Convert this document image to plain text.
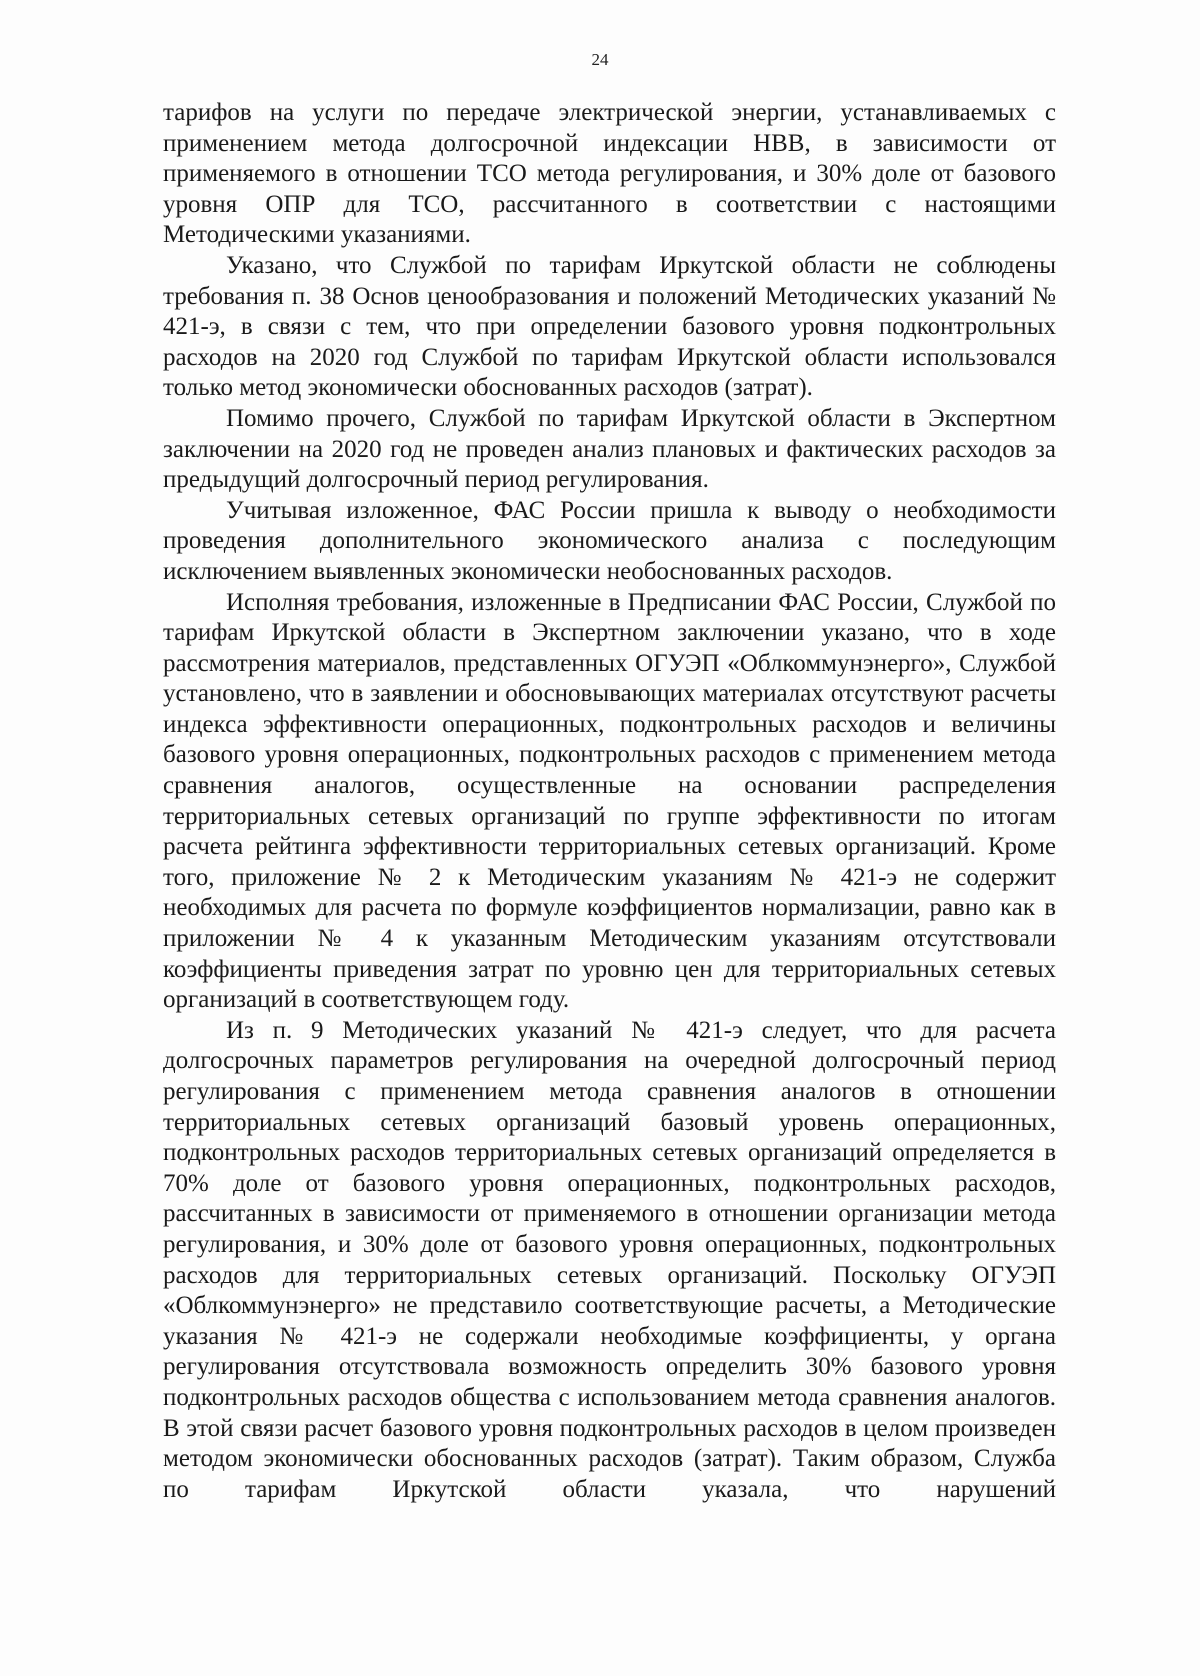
24

тарифов на услуги по передаче электрической энергии, устанавливаемых с применением метода долгосрочной индексации НВВ, в зависимости от применяемого в отношении ТСО метода регулирования, и 30% доле от базового уровня ОПР для ТСО, рассчитанного в соответствии с настоящими Методическими указаниями.

Указано, что Службой по тарифам Иркутской области не соблюдены требования п. 38 Основ ценообразования и положений Методических указаний № 421-э, в связи с тем, что при определении базового уровня подконтрольных расходов на 2020 год Службой по тарифам Иркутской области использовался только метод экономически обоснованных расходов (затрат).

Помимо прочего, Службой по тарифам Иркутской области в Экспертном заключении на 2020 год не проведен анализ плановых и фактических расходов за предыдущий долгосрочный период регулирования.

Учитывая изложенное, ФАС России пришла к выводу о необходимости проведения дополнительного экономического анализа с последующим исключением выявленных экономически необоснованных расходов.

Исполняя требования, изложенные в Предписании ФАС России, Службой по тарифам Иркутской области в Экспертном заключении указано, что в ходе рассмотрения материалов, представленных ОГУЭП «Облкоммунэнерго», Службой установлено, что в заявлении и обосновывающих материалах отсутствуют расчеты индекса эффективности операционных, подконтрольных расходов и величины базового уровня операционных, подконтрольных расходов с применением метода сравнения аналогов, осуществленные на основании распределения территориальных сетевых организаций по группе эффективности по итогам расчета рейтинга эффективности территориальных сетевых организаций. Кроме того, приложение № 2 к Методическим указаниям № 421-э не содержит необходимых для расчета по формуле коэффициентов нормализации, равно как в приложении № 4 к указанным Методическим указаниям отсутствовали коэффициенты приведения затрат по уровню цен для территориальных сетевых организаций в соответствующем году.

Из п. 9 Методических указаний № 421-э следует, что для расчета долгосрочных параметров регулирования на очередной долгосрочный период регулирования с применением метода сравнения аналогов в отношении территориальных сетевых организаций базовый уровень операционных, подконтрольных расходов территориальных сетевых организаций определяется в 70% доле от базового уровня операционных, подконтрольных расходов, рассчитанных в зависимости от применяемого в отношении организации метода регулирования, и 30% доле от базового уровня операционных, подконтрольных расходов для территориальных сетевых организаций. Поскольку ОГУЭП «Облкоммунэнерго» не представило соответствующие расчеты, а Методические указания № 421-э не содержали необходимые коэффициенты, у органа регулирования отсутствовала возможность определить 30% базового уровня подконтрольных расходов общества с использованием метода сравнения аналогов. В этой связи расчет базового уровня подконтрольных расходов в целом произведен методом экономически обоснованных расходов (затрат). Таким образом, Служба по тарифам Иркутской области указала, что нарушений
